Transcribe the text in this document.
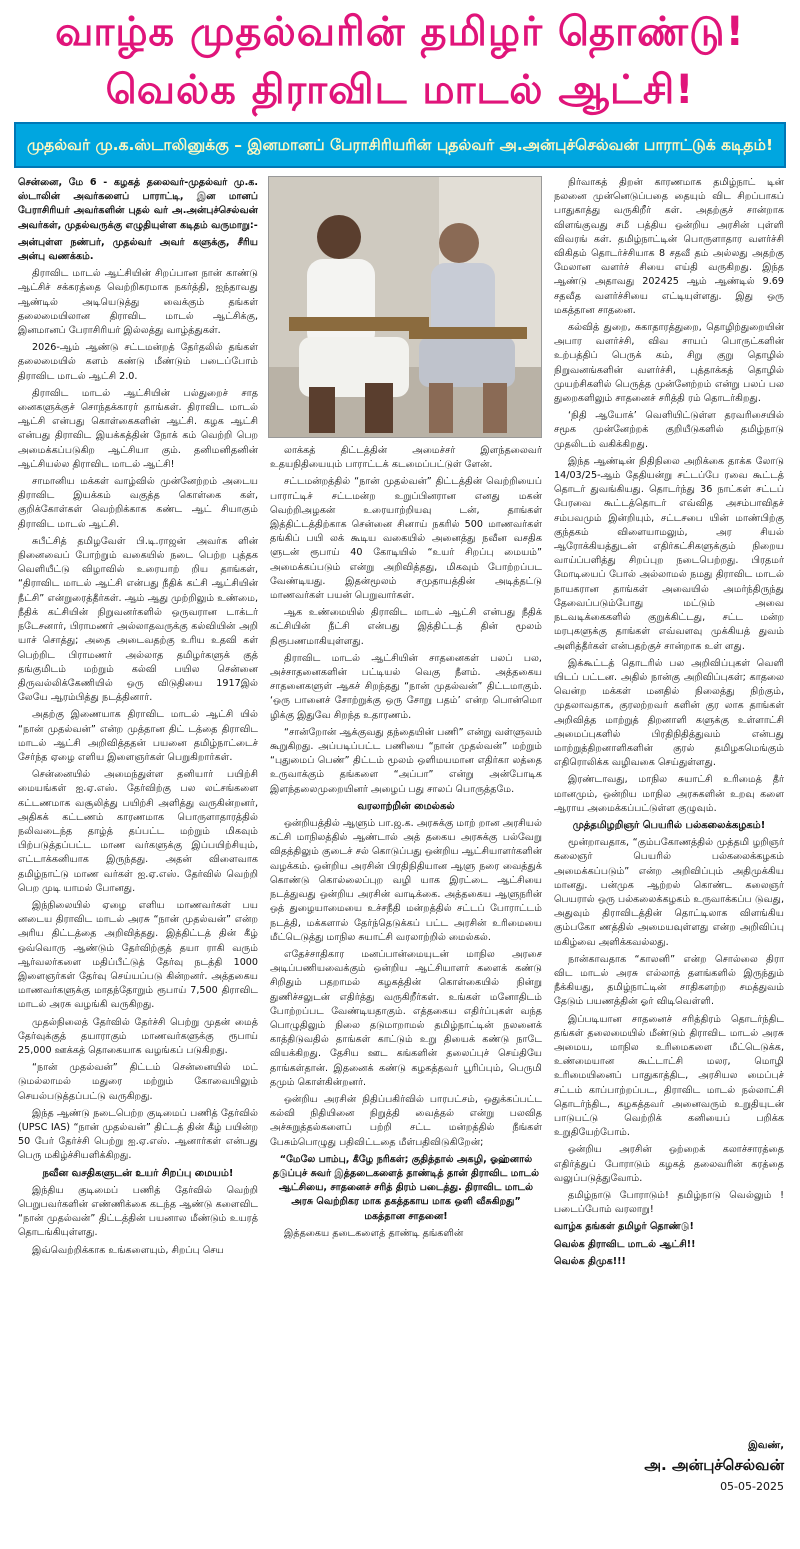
வாழ்க முதல்வரின் தமிழர் தொண்டு!
வெல்க திராவிட மாடல் ஆட்சி!
முதல்வர் மு.க.ஸ்டாலினுக்கு – இனமானப் பேராசிரியரின் புதல்வர் அ.அன்புச்செல்வன் பாராட்டுக் கடிதம்!

சென்னை, மே 6 - கழகத் தலைவர்-முதல்வர் மு.க. ஸ்டாலின் அவர்களைப் பாராட்டி, இன மானப் பேராசிரியர் அவர்களின் புதல் வர் அ.அன்புச்செல்வன் அவர்கள், முதல்வருக்கு எழுதியுள்ள கடிதம் வருமாறு:-

அன்புள்ள நண்பர், முதல்வர் அவர் களுக்கு, சீரிய அன்பு வணக்கம்.

திராவிட மாடல் ஆட்சியின் சிறப்பான நான் காண்டு ஆட்சிச் சக்கரத்தை வெற்றிகரமாக நகர்த்தி, ஐந்தாவது ஆண்டில் அடியெடுத்து வைக்கும் தங்கள் தலைமையிலான திராவிட மாடல் ஆட்சிக்கு, இனமானப் பேராசிரியர் இல்லத்து வாழ்த்துகள்.

2026-ஆம் ஆண்டு சட்டமன்றத் தேர்தலில் தங்கள் தலைமையில் களம் கண்டு மீண்டும் படைப்போம் திராவிட மாடல் ஆட்சி 2.0.

திராவிட மாடல் ஆட்சியின் பல்துறைச் சாத னைகளுக்குச் சொந்தக்காரர் தாங்கள். திராவிட மாடல் ஆட்சி என்பது கொள்கைகளின் ஆட்சி. கழக ஆட்சி என்பது திராவிட இயக்கத்தின் நோக் கம் வெற்றி பெற அமைக்கப்படுகிற ஆட்சியா கும். தனிமனிதனின் ஆட்சியல்ல திராவிட மாடல் ஆட்சி!

சாமானிய மக்கள் வாழ்வில் முன்னேற்றம் அடைய திராவிட இயக்கம் வகுத்த கொள்கை கள், குறிக்கோள்கள் வெற்றிக்காக கண்ட ஆட் சியாகும் திராவிட மாடல் ஆட்சி.

சுபீட்சித் தமிழவேள் பி.டி.ராஜன் அவர்க ளின் நினைவைப் போற்றும் வகையில் நடை பெற்ற புத்தக வெளியீட்டு விழாவில் உரையாற் றிய தாங்கள், “திராவிட மாடல் ஆட்சி என்பது நீதிக் கட்சி ஆட்சியின் நீட்சி” என்றுரைத்தீர்கள். ஆம் ஆது முற்றிலும் உண்மை, நீதிக் கட்சியின் நிறுவனர்களில் ஒருவரான டாக்டர் நடேசனார், பிராமணர் அல்லாதவருக்கு கல்வியின் அறி யாச் சொத்து; அதை அடைவதற்கு உரிய உதவி கள் பெற்றிட பிராமணர் அல்லாத தமிழர்களுக் குத் தங்குமிடம் மற்றும் கல்வி பயில சென்னை திருவல்லிக்கேணியில் ஒரு விடுதியை 1917இல் லேயே ஆரம்பித்து நடத்தினார்.

அதற்கு இணையாக திராவிட மாடல் ஆட்சி யில் “நான் முதல்வன்” என்ற முத்தான திட் டத்தை திராவிட மாடல் ஆட்சி அறிவித்ததன் பயனை தமிழ்நாட்டைச் சேர்ந்த ஏழை எளிய இளைஞர்கள் பெறுகிறார்கள்.

சென்னையில் அமைந்துள்ள தனியார் பயிற்சி மையங்கள் ஐ.ஏ.எஸ். தேர்விற்கு பல லட்சங்களை கட்டணமாக வசூலித்து பயிற்சி அளித்து வருகின்றனர், அதிகக் கட்டணம் காரணமாக பொருளாதாரத்தில் நலிவடைந்த தாழ்த் தப்பட்ட மற்றும் மிகவும் பிற்படுத்தப்பட்ட மாண வர்களுக்கு இப்பயிற்சியும், எட்டாக்கனியாக இருந்தது. அதன் விளைவாக தமிழ்நாட்டு மாண வர்கள் ஐ.ஏ.எஸ். தேர்வில் வெற்றி பெற முடி யாமல் போனது.

இந்நிலையில் ஏழை எளிய மாணவர்கள் பய னடைய திராவிட மாடல் அரசு “நான் முதல்வன்” என்ற அரிய திட்டத்தை அறிவித்தது. இத்திட்டத் தின் கீழ் ஒவ்வொரு ஆண்டும் தேர்விற்குத் தயா ராகி வரும் ஆர்வலர்களை மதிப்பீட்டுத் தேர்வு நடத்தி 1000 இளைஞர்கள் தேர்வு செய்யப்படு கின்றனர். அத்தகைய மாணவர்களுக்கு மாதந்தோறும் ரூபாய் 7,500 திராவிட மாடல் அரசு வழங்கி வருகிறது.

முதல்நிலைத் தேர்வில் தேர்ச்சி பெற்று முதன் மைத் தேர்வுக்குத் தயாராகும் மாணவர்களுக்கு ரூபாய் 25,000 ஊக்கத் தொகையாக வழங்கப் படுகிறது.

“நான் முதல்வன்” திட்டம் சென்னையில் மட் டுமல்லாமல் மதுரை மற்றும் கோவையிலும் செயல்படுத்தப்பட்டு வருகிறது.

இந்த ஆண்டு நடைபெற்ற குடிமைப் பணித் தேர்வில் (UPSC IAS) “நான் முதல்வன்” திட்டத் தின் கீழ் பயின்ற 50 பேர் தேர்ச்சி பெற்று ஐ.ஏ.எஸ். ஆனார்கள் என்பது பெரு மகிழ்ச்சியளிக்கிறது.

நவீன வசதிகளுடன் உயர் சிறப்பு மையம்!

இந்திய குடிமைப் பணித் தேர்வில் வெற்றி பெறுபவர்களின் எண்ணிக்கை கடந்த ஆண்டு களைவிட “நான் முதல்வன்” திட்டத்தின் பயனால மீண்டும் உயரத் தொடங்கியுள்ளது.

இவ்வெற்றிக்காக உங்களையும், சிறப்பு செய

லாக்கத் திட்டத்தின் அமைச்சர் இளந்தலைவர் உதயநிதியையும் பாராட்டக் கடமைப்பட்டுள் ளேன்.

சட்டமன்றத்தில் “நான் முதல்வன்” திட்டத்தின் வெற்றியைப் பாராட்டிச் சட்டமன்ற உறுப்பினரான எனது மகன் வெற்றிஅழகன் உரையாற்றியவு டன், தாங்கள் இத்திட்டத்திற்காக சென்னை சினாய் நகரில் 500 மாணவர்கள் தங்கிப் பயி லக் கூடிய வகையில் அனைத்து நவீன வசதிக ளுடன் ரூபாய் 40 கோடியில் “உயர் சிறப்பு மையம்” அமைக்கப்படும் என்று அறிவித்தது, மிகவும் போற்றப்பட வேண்டியது. இதன்மூலம் சமுதாயத்தின் அடித்தட்டு மாணவர்கள் பயன் பெறுவார்கள்.

ஆக உண்மையில் திராவிட மாடல் ஆட்சி என்பது நீதிக் கட்சியின் நீட்சி என்பது இத்திட்டத் தின் மூலம் நிரூபணமாகியுள்ளது.

திராவிட மாடல் ஆட்சியின் சாதனைகள் பலப் பல, அச்சாதனைகளின் பட்டியல் வெகு நீளம். அத்தகைய சாதனைகளுள் ஆகச் சிறந்தது “நான் முதல்வன்” திட்டமாகும். ‘ஒரு பானைச் சோற்றுக்கு ஒரு சோறு பதம்’ என்ற பொன்மொ ழிக்கு இதுவே சிறந்த உதாரணம்.

“சான்றோன் ஆக்குவது தந்தையின் பணி” என்று வள்ளுவம் கூறுகிறது. அப்படிப்பட்ட பணியை “நான் முதல்வன்” மற்றும் “புதுமைப் பெண்” திட்டம் மூலம் ஒளிமயமான எதிர்கா லத்தை உருவாக்கும் தங்களை “அப்பா” என்று அன்போடிக இளந்தலைமுறையினர் அழைப் பது சாலப் பொருத்தமே.

வரலாற்றின் மைல்கல்

ஒன்றியத்தில் ஆளும் பா.ஜ.க. அரசுக்கு மாற் றான அரசியல் கட்சி மாநிலத்தில் ஆண்டால் அத் தகைய அரசுக்கு பல்வேறு விதத்திலும் குடைச் சல் கொடுப்பது ஒன்றிய ஆட்சியாளர்களின் வழக்கம். ஒன்றிய அரசின் பிரதிநிதியான ஆளு நரை வைத்துக் கொண்டு கொல்லைப்புற வழி யாக இரட்டை ஆட்சியை நடத்துவது ஒன்றிய அரசின் வாடிக்கை. அத்தகைய ஆளுநரின் ஒத் துழையாமையை உச்சநீதி மன்றத்தில் சட்டப் போராட்டம் நடத்தி, மக்களால் தேர்ந்தெடுக்கப் பட்ட அரசின் உரிமையை மீட்டெடுத்து மாநில சுயாட்சி வரலாற்றில் மைல்கல்.

எதேச்சாதிகார மனப்பான்மையுடன் மாநில அரசை அடிப்பணியவைக்கும் ஒன்றிய ஆட்சியாளர் களைக் கண்டு சிறிதும் பதறாமல் கழகத்தின் கொள்கையில் நின்று துணிச்சலுடன் எதிர்த்து வருகிறீர்கள். உங்கள் மனோதிடம் போற்றப்பட வேண்டியதாகும். எத்தகைய எதிர்ப்புகள் வந்த பொழுதிலும் நிலை தடுமாறாமல் தமிழ்நாட்டின் நலனைக் காத்திடுவதில் தாங்கள் காட்டும் உறு தியைக் கண்டு நாடே வியக்கிறது. தேசிய ஊட கங்களின் தலைப்புச் செய்தியே தாங்கள்தான். இதனைக் கண்டு கழகத்தவர் பூரிப்பும், பெருமி தமும் கொள்கின்றனர்.

ஒன்றிய அரசின் நிதிப்பகிர்வில் பாரபட்சம், ஒதுக்கப்பட்ட கல்வி நிதியினை நிறுத்தி வைத்தல் என்று பலவித அச்சுறுத்தல்களைப் பற்றி சட்ட மன்றத்தில் நீங்கள் பேசும்பொழுது பதிவிட்டதை மீள்பதிவிடுகிறேன்;

“மேலே பாம்பு, கீழே நரிகள்; குதித்தால் அகழி, ஓஹ்னால் தடுப்புச் சுவர் இத்தடைகளைத் தாண்டித் தான் திராவிட மாடல் ஆட்சியை, சாதனைச் சரித் திரம் படைத்து. திராவிட மாடல் அரசு வெற்றிகர மாக தகத்தகாய மாக ஒளி வீசுகிறது” மகத்தான சாதனை!

இத்தகைய தடைகளைத் தாண்டி தங்களின்

நிர்வாகத் திறன் காரணமாக தமிழ்நாட் டின் நலனை முன்னெடுப்பதை தையும் விட சிறப்பாகப் பாதுகாத்து வருகிறீர் கள். அதற்குச் சான்றாக விளங்குவது சமீ பத்திய ஒன்றிய அரசின் புள்ளி விவரங் கள். தமிழ்நாட்டின் பொருளாதார வளர்ச்சி விகிதம் தொடர்ச்சியாக 8 சதவீ தம் அல்லது அதற்கு மேலான வளர்ச் சியை எய்தி வருகிறது. இந்த ஆண்டு அதாவது 202425 ஆம் ஆண்டில் 9.69 சதவீத வளர்ச்சியை எட்டியுள்ளது. இது ஒரு மகத்தான சாதனை.

கல்வித் துறை, சுகாதாரத்துறை, தொழிற்துறையின் அபார வளர்ச்சி, விவ சாயப் பொருட்களின் உற்பத்திப் பெருக் கம், சிறு குறு தொழில் நிறுவனங்களின் வளர்ச்சி, புத்தாக்கத் தொழில் முயற்சிகளில் பெருத்த முன்னேற்றம் என்று பலப் பல துறைகளிலும் சாதனைச் சரித்தி ரம் தொடர்கிறது.

‘நிதி ஆயோக்’ வெளியிட்டுள்ள தரவரிசையில் சமூக முன்னேற்றக் குறியீடுகளில் தமிழ்நாடு முதலிடம் வகிக்கிறது.

இந்த ஆண்டின் நிதிநிலை அறிக்கை தாக்க லோடு 14/03/25-ஆம் தேதியன்று சட்டப்பே ரவை கூட்டத் தொடர் துவங்கியது. தொடர்ந்து 36 நாட்கள் சட்டப் பேரவை கூட்டத்தொடர் எவ்வித அசம்பாவிதச் சம்பவமும் இன்றியும், சட்டசபை யின் மாண்பிற்கு குந்தகம் விளையாமலும், அர சியல் ஆரோக்கியத்துடன் எதிர்கட்சிகளுக்கும் நிறைய வாய்ப்பளித்து சிறப்புற நடைபெற்றது. பிரதமர் மோடியைப் போல் அல்லாமல் நமது திராவிட மாடல் நாயகரான தாங்கள் அவையில் அமர்ந்திருந்து தேவைப்படும்போது மட்டும் அவை நடவடிக்கைகளில் குறுக்கிட்டது, சட்ட மன்ற மரபுகளுக்கு தாங்கள் எவ்வளவு முக்கியத் துவம் அளித்தீர்கள் என்பதற்குச் சான்றாக உள் ளது.

இக்கூட்டத் தொடரில் பல அறிவிப்புகள் வெளி யிடப் பட்டன. அதில் நான்கு அறிவிப்புகள்; காதலை வென்ற மக்கள் மனதில் நிலைத்து நிற்கும், முதலாவதாக, குரலற்றவர் களின் குர லாக தாங்கள் அறிவித்த மாற்றுத் திறனாளி களுக்கு உள்ளாட்சி அமைப்புகளில் பிரதிநிதித்துவம் என்பது மாற்றுத்திறனாளிகளின் குரல் தமிழகமெங்கும் எதிரொலிக்க வழிவகை செய்துள்ளது.

இரண்டாவது, மாநில சுயாட்சி உரிமைத் தீர் மானமும், ஒன்றிய மாநில அரசுகளின் உறவு களை ஆராய அமைக்கப்பட்டுள்ள குழுவும்.

முத்தமிழறிஞர் பெயரில் பல்கலைக்கழகம்!

மூன்றாவதாக, “கும்பகோணத்தில் முத்தமி ழறிஞர் கலைஞர் பெயரில் பல்கலைக்கழகம் அமைக்கப்படும்” என்ற அறிவிப்பும் அதிமுக்கிய மானது. பன்முக ஆற்றல் கொண்ட கலைஞர் பெயரால் ஒரு பல்கலைக்கழகம் உருவாக்கப்ப டுவது, அதுவும் திராவிடத்தின் தொட்டிலாக விளங்கிய கும்பகோ ணத்தில் அமையவுள்ளது என்ற அறிவிப்பு மகிழ்வை அளிக்கவல்லது.

நான்காவதாக “காலனி” என்ற சொல்லை திரா விட மாடல் அரசு எல்லாத் தளங்களில் இருந்தும் நீக்கியது, தமிழ்நாட்டின் சாதிகளற்ற சமத்துவம் தேடும் பயணத்தின் ஓர் விடிவெள்ளி.

இப்படியான சாதனைச் சரித்திரம் தொடர்ந்திட தங்கள் தலைமையில் மீண்டும் திராவிட மாடல் அரசு அமைய, மாநில உரிமைகளை மீட்டெடுக்க, உண்மையான கூட்டாட்சி மலர, மொழி உரிமையினைப் பாதுகாத்திட, அரசியல மைப்புச் சட்டம் காப்பாற்றப்பட, திராவிட மாடல் நல்லாட்சி தொடர்ந்திட, கழகத்தவர் அனைவரும் உறுதியுடன் பாடுபட்டு வெற்றிக் கனியைப் பறிக்க உறுதியேற்போம்.

ஒன்றிய அரசின் ஒற்றைக் கலாச்சாரத்தை எதிர்த்துப் போராடும் கழகத் தலைவரின் கரத்தை வலுப்படுத்துவோம்.

தமிழ்நாடு போராடும்! தமிழ்நாடு வெல்லும் ! படைப்போம் வரலாறு!

வாழ்க தங்கள் தமிழர் தொண்டு!

வெல்க திராவிட மாடல் ஆட்சி!!

வெல்க திமுக!!!

இவண்,
அ. அன்புச்செல்வன்
05-05-2025
